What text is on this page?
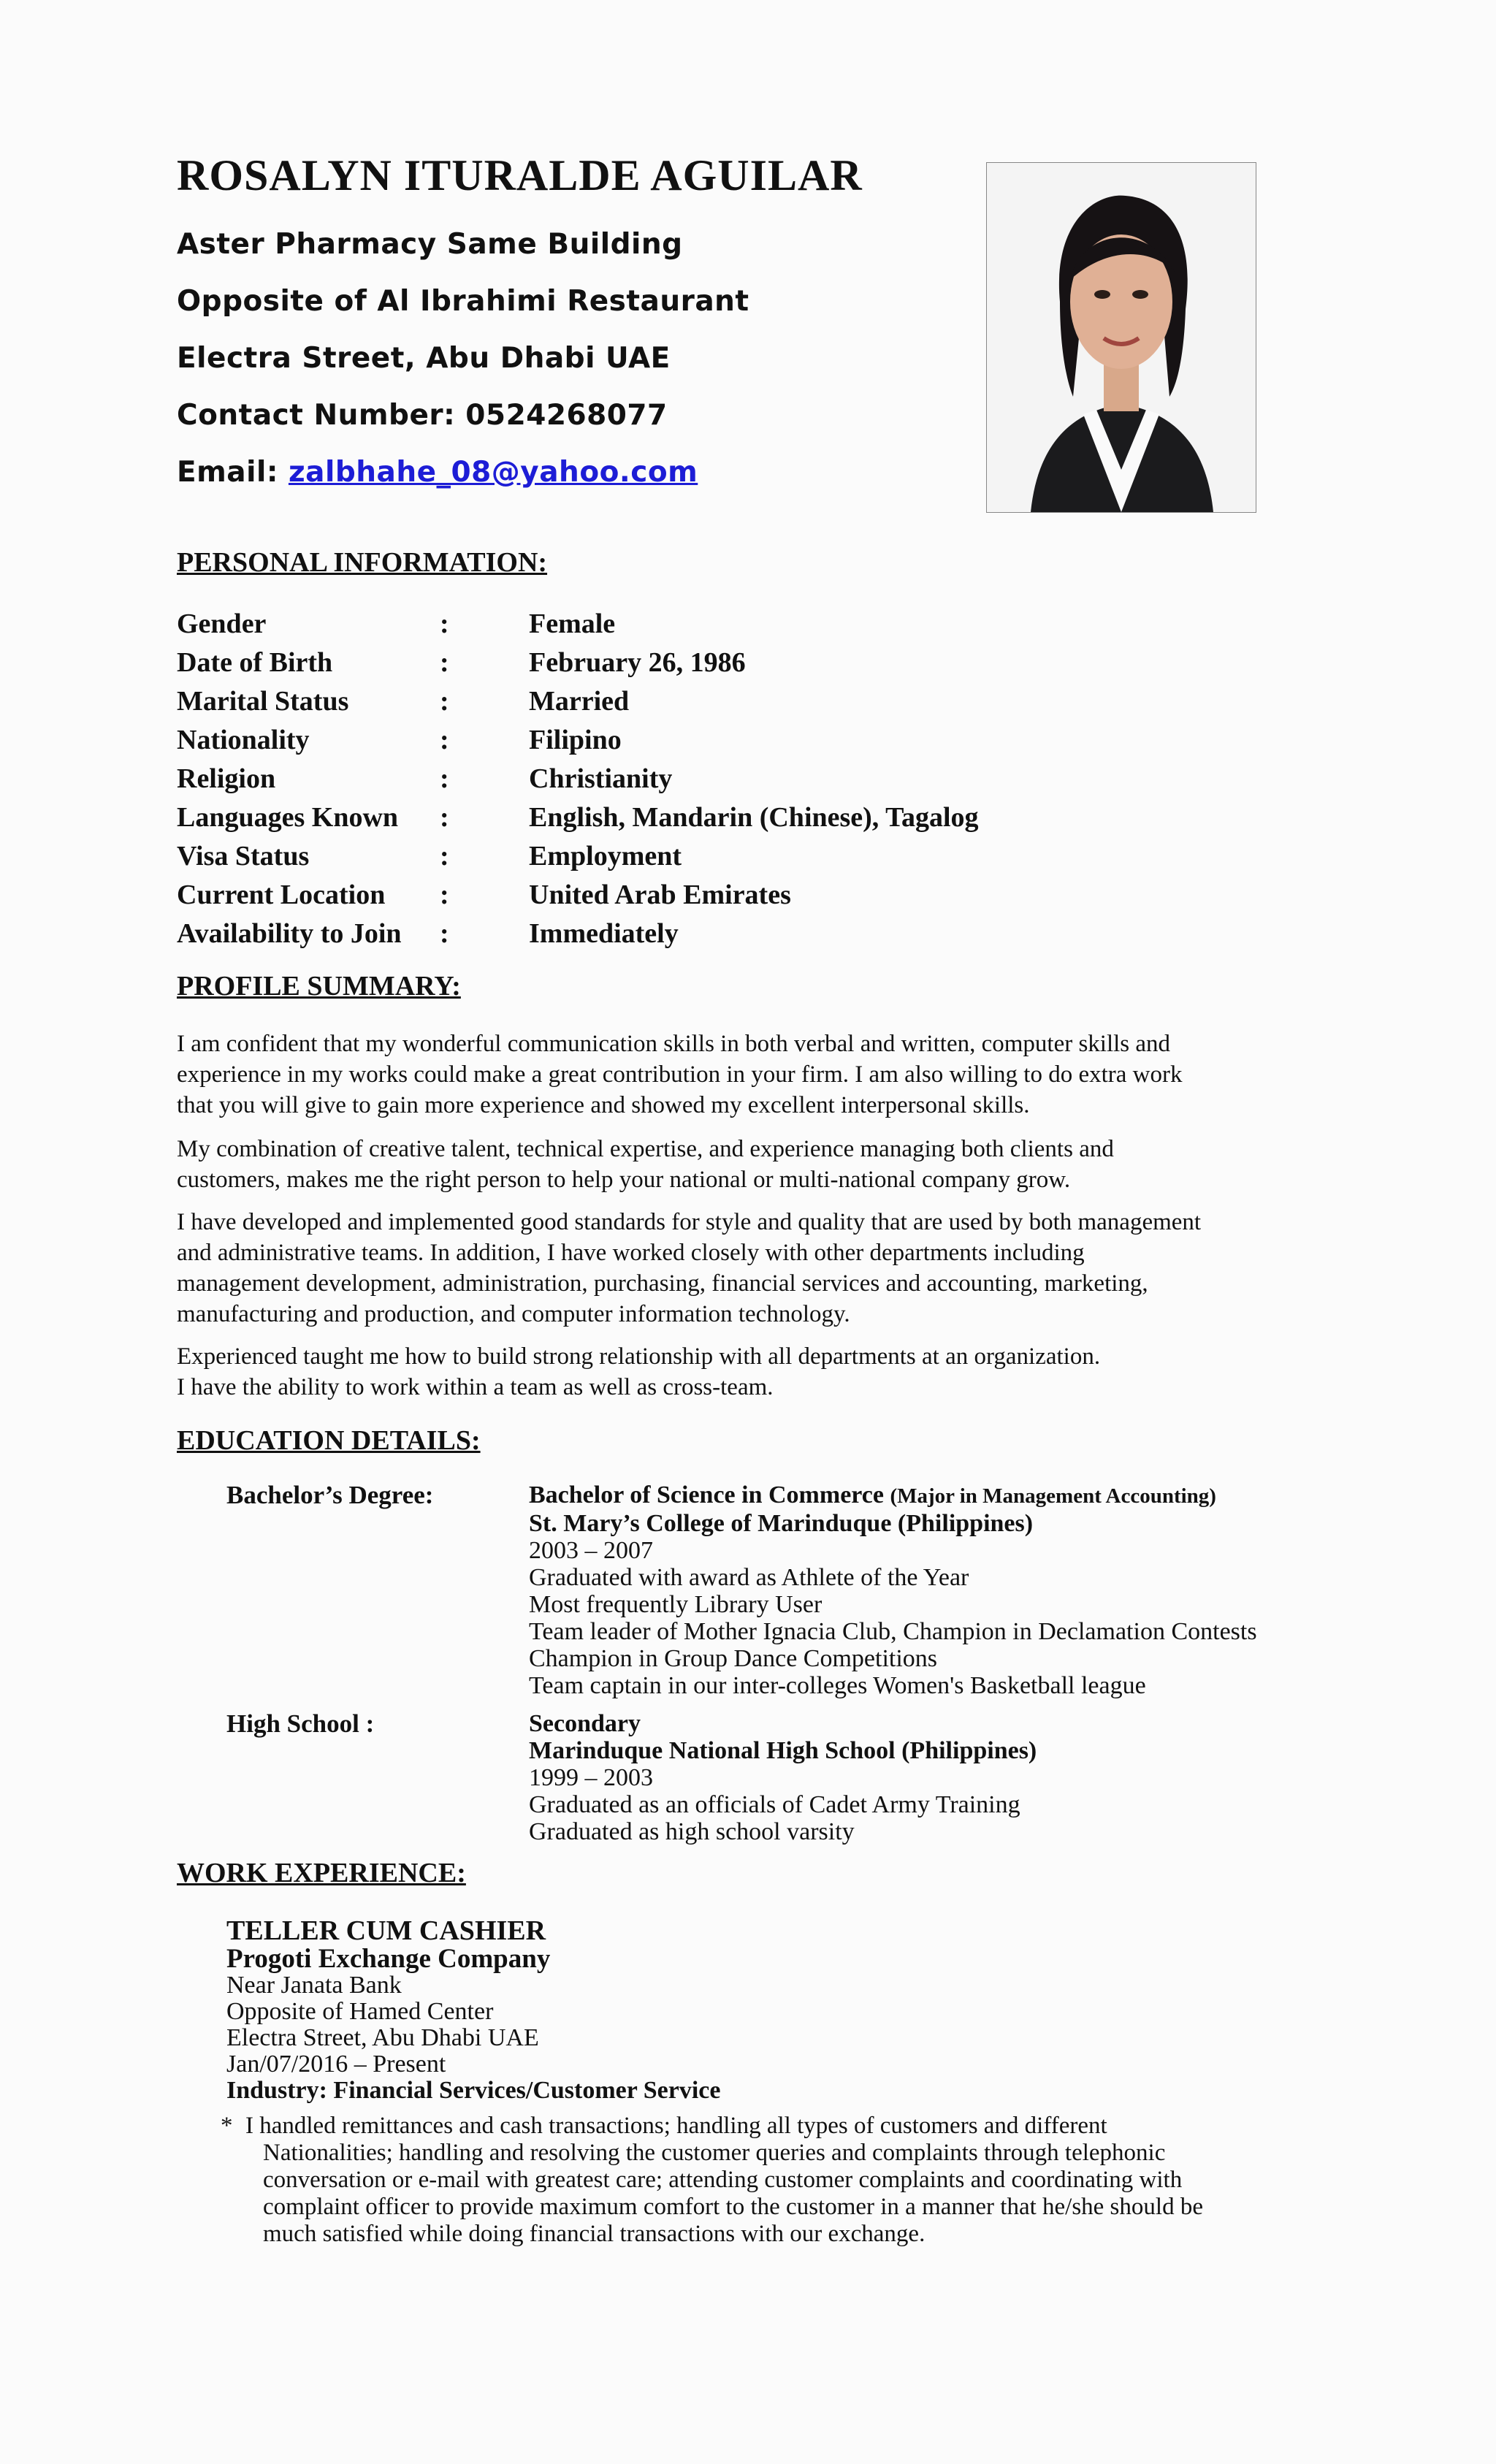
ROSALYN ITURALDE AGUILAR
Aster Pharmacy Same Building
Opposite of Al Ibrahimi Restaurant
Electra Street, Abu Dhabi UAE
Contact Number: 0524268077
Email: zalbhahe_08@yahoo.com
PERSONAL INFORMATION:
Gender	:	Female
Date of Birth	:	February 26, 1986
Marital Status	:	Married
Nationality	:	Filipino
Religion	:	Christianity
Languages Known :	English, Mandarin (Chinese), Tagalog
Visa Status	:	Employment
Current Location :	United Arab Emirates
Availability to Join :	Immediately
PROFILE SUMMARY:
I am confident that my wonderful communication skills in both verbal and written, computer skills and
experience in my works could make a great contribution in your firm. I am also willing to do extra work
that you will give to gain more experience and showed my excellent interpersonal skills.
My combination of creative talent, technical expertise, and experience managing both clients and
customers, makes me the right person to help your national or multi-national company grow.
I have developed and implemented good standards for style and quality that are used by both management
and administrative teams. In addition, I have worked closely with other departments including
management development, administration, purchasing, financial services and accounting, marketing,
manufacturing and production, and computer information technology.
Experienced taught me how to build strong relationship with all departments at an organization.
I have the ability to work within a team as well as cross-team.
EDUCATION DETAILS:
Bachelor’s Degree:	Bachelor of Science in Commerce (Major in Management Accounting)
St. Mary’s College of Marinduque (Philippines)
2003 – 2007
Graduated with award as Athlete of the Year
Most frequently Library User
Team leader of Mother Ignacia Club, Champion in Declamation Contests
Champion in Group Dance Competitions
Team captain in our inter-colleges Women's Basketball league
High School :	Secondary
Marinduque National High School (Philippines)
1999 – 2003
Graduated as an officials of Cadet Army Training
Graduated as high school varsity
WORK EXPERIENCE:
TELLER CUM CASHIER
Progoti Exchange Company
Near Janata Bank
Opposite of Hamed Center
Electra Street, Abu Dhabi UAE
Jan/07/2016 – Present
Industry: Financial Services/Customer Service
* I handled remittances and cash transactions; handling all types of customers and different
Nationalities; handling and resolving the customer queries and complaints through telephonic
conversation or e-mail with greatest care; attending customer complaints and coordinating with
complaint officer to provide maximum comfort to the customer in a manner that he/she should be
much satisfied while doing financial transactions with our exchange.
